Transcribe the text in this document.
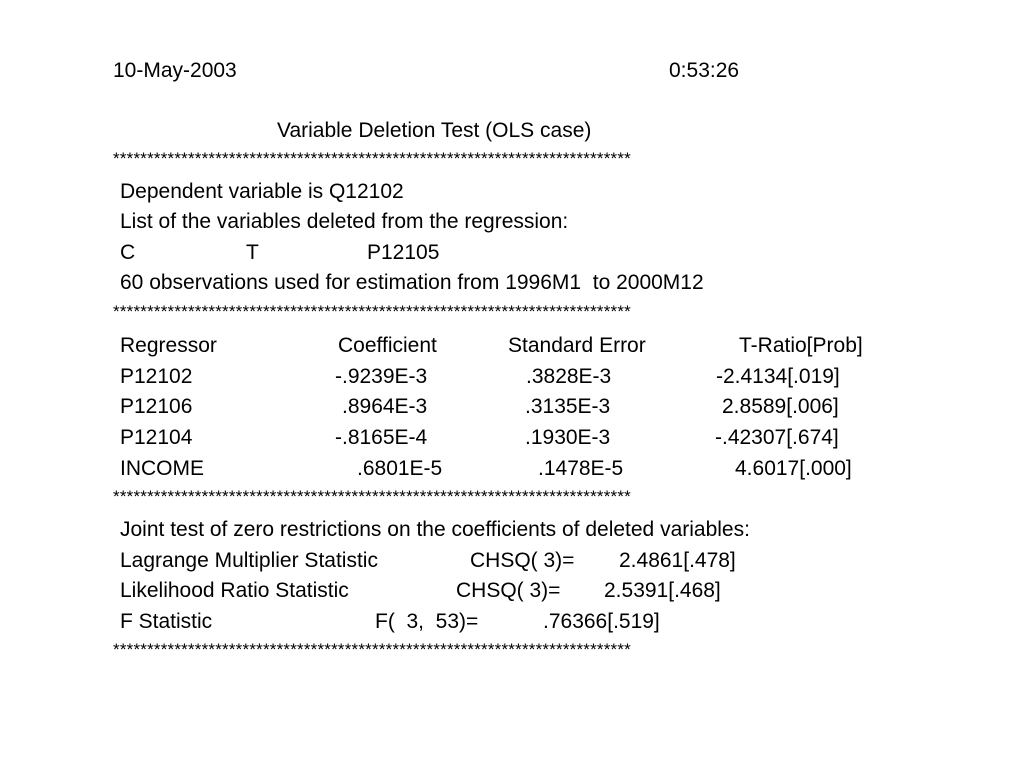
10-May-2003	0:53:26
Variable Deletion Test (OLS case)
****************************************************************************
Dependent variable is Q12102
List of the variables deleted from the regression:
C	T	P12105
60 observations used for estimation from 1996M1  to 2000M12
****************************************************************************
Regressor	Coefficient	Standard Error	T-Ratio[Prob]
P12102	-.9239E-3	.3828E-3	-2.4134[.019]
P12106	.8964E-3	.3135E-3	2.8589[.006]
P12104	-.8165E-4	.1930E-3	-.42307[.674]
INCOME	.6801E-5	.1478E-5	4.6017[.000]
****************************************************************************
Joint test of zero restrictions on the coefficients of deleted variables:
Lagrange Multiplier Statistic	CHSQ( 3)= 2.4861[.478]
Likelihood Ratio Statistic	CHSQ( 3)= 2.5391[.468]
F Statistic	F(  3,  53)=	.76366[.519]
****************************************************************************
